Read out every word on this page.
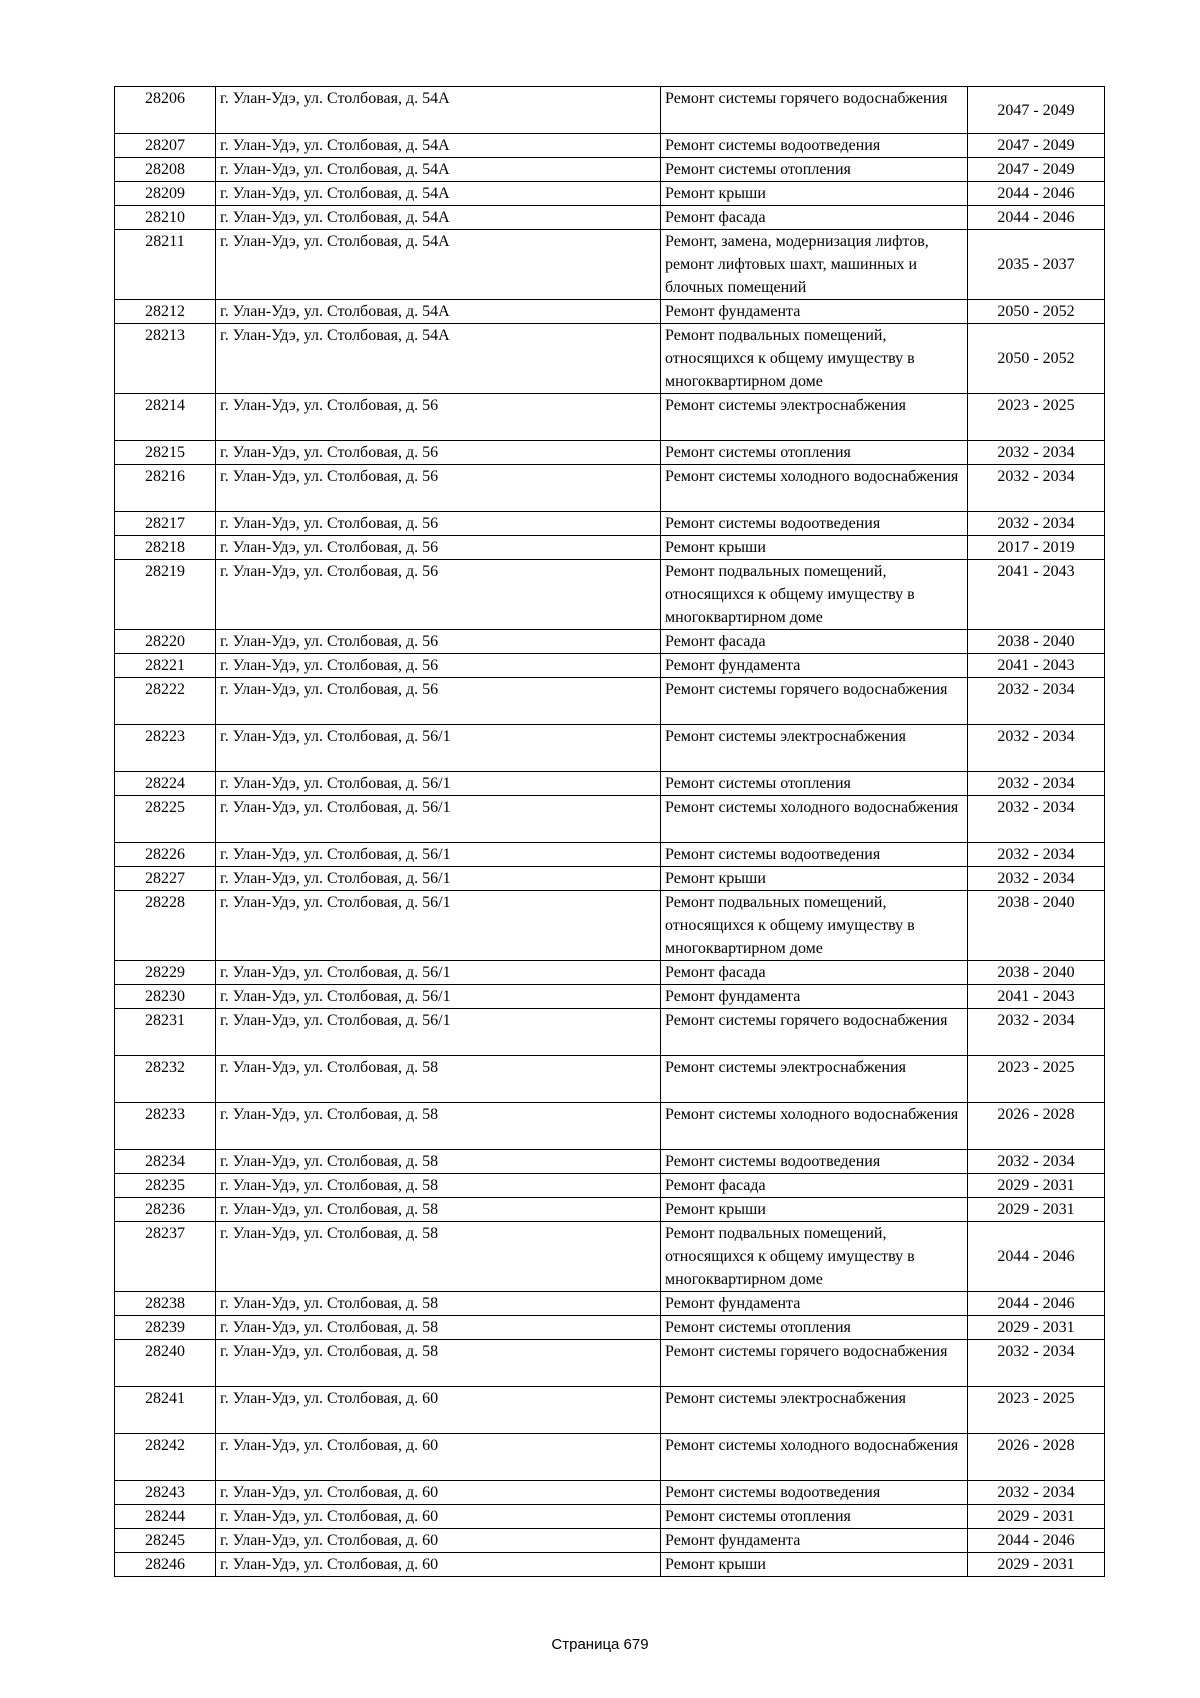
28206	г. Улан-Удэ, ул. Столбовая, д. 54А	Ремонт системы горячего водоснабжения	2047 - 2049
28207	г. Улан-Удэ, ул. Столбовая, д. 54А	Ремонт системы водоотведения	2047 - 2049
28208	г. Улан-Удэ, ул. Столбовая, д. 54А	Ремонт системы отопления	2047 - 2049
28209	г. Улан-Удэ, ул. Столбовая, д. 54А	Ремонт крыши	2044 - 2046
28210	г. Улан-Удэ, ул. Столбовая, д. 54А	Ремонт фасада	2044 - 2046
28211	г. Улан-Удэ, ул. Столбовая, д. 54А	Ремонт, замена, модернизация лифтов, ремонт лифтовых шахт, машинных и блочных помещений	2035 - 2037
28212	г. Улан-Удэ, ул. Столбовая, д. 54А	Ремонт фундамента	2050 - 2052
28213	г. Улан-Удэ, ул. Столбовая, д. 54А	Ремонт подвальных помещений, относящихся к общему имуществу в многоквартирном доме	2050 - 2052
28214	г. Улан-Удэ, ул. Столбовая, д. 56	Ремонт системы электроснабжения	2023 - 2025
28215	г. Улан-Удэ, ул. Столбовая, д. 56	Ремонт системы отопления	2032 - 2034
28216	г. Улан-Удэ, ул. Столбовая, д. 56	Ремонт системы холодного водоснабжения	2032 - 2034
28217	г. Улан-Удэ, ул. Столбовая, д. 56	Ремонт системы водоотведения	2032 - 2034
28218	г. Улан-Удэ, ул. Столбовая, д. 56	Ремонт крыши	2017 - 2019
28219	г. Улан-Удэ, ул. Столбовая, д. 56	Ремонт подвальных помещений, относящихся к общему имуществу в многоквартирном доме	2041 - 2043
28220	г. Улан-Удэ, ул. Столбовая, д. 56	Ремонт фасада	2038 - 2040
28221	г. Улан-Удэ, ул. Столбовая, д. 56	Ремонт фундамента	2041 - 2043
28222	г. Улан-Удэ, ул. Столбовая, д. 56	Ремонт системы горячего водоснабжения	2032 - 2034
28223	г. Улан-Удэ, ул. Столбовая, д. 56/1	Ремонт системы электроснабжения	2032 - 2034
28224	г. Улан-Удэ, ул. Столбовая, д. 56/1	Ремонт системы отопления	2032 - 2034
28225	г. Улан-Удэ, ул. Столбовая, д. 56/1	Ремонт системы холодного водоснабжения	2032 - 2034
28226	г. Улан-Удэ, ул. Столбовая, д. 56/1	Ремонт системы водоотведения	2032 - 2034
28227	г. Улан-Удэ, ул. Столбовая, д. 56/1	Ремонт крыши	2032 - 2034
28228	г. Улан-Удэ, ул. Столбовая, д. 56/1	Ремонт подвальных помещений, относящихся к общему имуществу в многоквартирном доме	2038 - 2040
28229	г. Улан-Удэ, ул. Столбовая, д. 56/1	Ремонт фасада	2038 - 2040
28230	г. Улан-Удэ, ул. Столбовая, д. 56/1	Ремонт фундамента	2041 - 2043
28231	г. Улан-Удэ, ул. Столбовая, д. 56/1	Ремонт системы горячего водоснабжения	2032 - 2034
28232	г. Улан-Удэ, ул. Столбовая, д. 58	Ремонт системы электроснабжения	2023 - 2025
28233	г. Улан-Удэ, ул. Столбовая, д. 58	Ремонт системы холодного водоснабжения	2026 - 2028
28234	г. Улан-Удэ, ул. Столбовая, д. 58	Ремонт системы водоотведения	2032 - 2034
28235	г. Улан-Удэ, ул. Столбовая, д. 58	Ремонт фасада	2029 - 2031
28236	г. Улан-Удэ, ул. Столбовая, д. 58	Ремонт крыши	2029 - 2031
28237	г. Улан-Удэ, ул. Столбовая, д. 58	Ремонт подвальных помещений, относящихся к общему имуществу в многоквартирном доме	2044 - 2046
28238	г. Улан-Удэ, ул. Столбовая, д. 58	Ремонт фундамента	2044 - 2046
28239	г. Улан-Удэ, ул. Столбовая, д. 58	Ремонт системы отопления	2029 - 2031
28240	г. Улан-Удэ, ул. Столбовая, д. 58	Ремонт системы горячего водоснабжения	2032 - 2034
28241	г. Улан-Удэ, ул. Столбовая, д. 60	Ремонт системы электроснабжения	2023 - 2025
28242	г. Улан-Удэ, ул. Столбовая, д. 60	Ремонт системы холодного водоснабжения	2026 - 2028
28243	г. Улан-Удэ, ул. Столбовая, д. 60	Ремонт системы водоотведения	2032 - 2034
28244	г. Улан-Удэ, ул. Столбовая, д. 60	Ремонт системы отопления	2029 - 2031
28245	г. Улан-Удэ, ул. Столбовая, д. 60	Ремонт фундамента	2044 - 2046
28246	г. Улан-Удэ, ул. Столбовая, д. 60	Ремонт крыши	2029 - 2031
Страница 679
